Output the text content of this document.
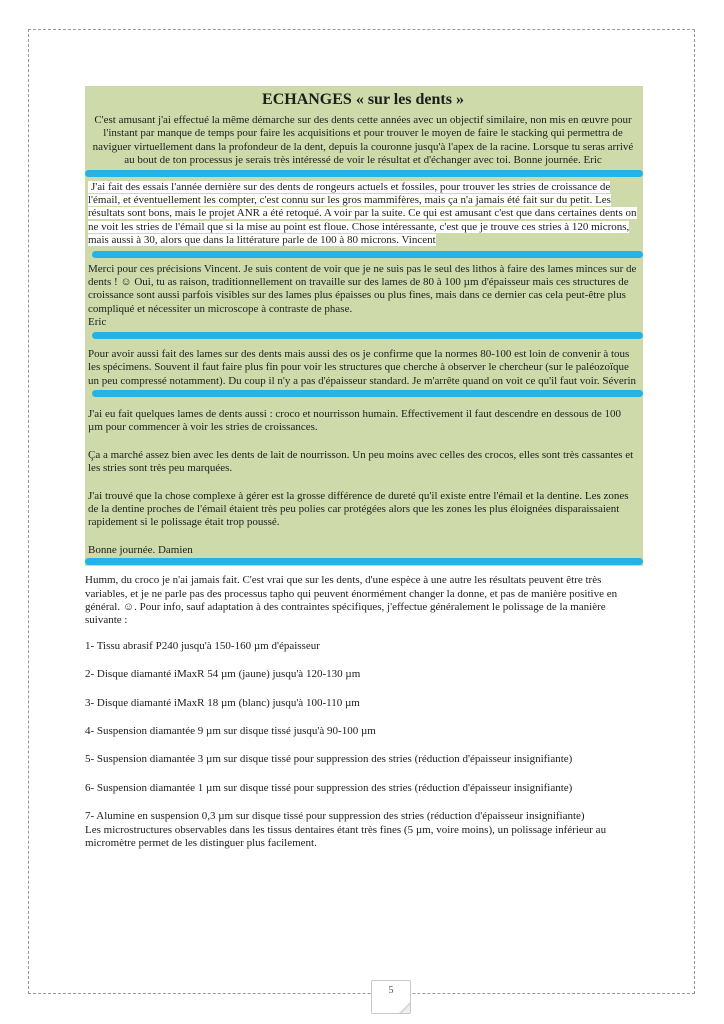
ECHANGES « sur les dents »

C'est amusant j'ai effectué la même démarche sur des dents cette années avec un objectif similaire, non mis en œuvre pour l'instant par manque de temps pour faire les acquisitions et pour trouver le moyen de faire le stacking qui permettra de naviguer virtuellement dans la profondeur de la dent, depuis la couronne jusqu'à l'apex de la racine. Lorsque tu seras arrivé au bout de ton processus je serais très intéressé de voir le résultat et d'échanger avec toi. Bonne journée. Eric

J'ai fait des essais l'année dernière sur des dents de rongeurs actuels et fossiles, pour trouver les stries de croissance de l'émail, et éventuellement les compter, c'est connu sur les gros mammifères, mais ça n'a jamais été fait sur du petit. Les résultats sont bons, mais le projet ANR a été retoqué. A voir par la suite. Ce qui est amusant c'est que dans certaines dents on ne voit les stries de l'émail que si la mise au point est floue. Chose intéressante, c'est que je trouve ces stries à 120 microns, mais aussi à 30, alors que dans la littérature parle de 100 à 80 microns. Vincent

Merci pour ces précisions Vincent. Je suis content de voir que je ne suis pas le seul des lithos à faire des lames minces sur de dents ! ☺ Oui, tu as raison, traditionnellement on travaille sur des lames de 80 à 100 µm d'épaisseur mais ces structures de croissance sont aussi parfois visibles sur des lames plus épaisses ou plus fines, mais dans ce dernier cas cela peut-être plus compliqué et nécessiter un microscope à contraste de phase.

Eric

Pour avoir aussi fait des lames sur des dents mais aussi des os je confirme que la normes 80-100 est loin de convenir à tous les spécimens. Souvent il faut faire plus fin pour voir les structures que cherche à observer le chercheur (sur le paléozoïque un peu compressé notamment). Du coup il n'y a pas d'épaisseur standard. Je m'arrête quand on voit ce qu'il faut voir. Séverin

J'ai eu fait quelques lames de dents aussi : croco et nourrisson humain. Effectivement il faut descendre en dessous de 100 µm pour commencer à voir les stries de croissances.

Ça a marché assez bien avec les dents de lait de nourrisson. Un peu moins avec celles des crocos, elles sont très cassantes et les stries sont très peu marquées.

J'ai trouvé que la chose complexe à gérer est la grosse différence de dureté qu'il existe entre l'émail et la dentine. Les zones de la dentine proches de l'émail étaient très peu polies car protégées alors que les zones les plus éloignées disparaissaient rapidement si le polissage était trop poussé.

Bonne journée. Damien

Humm, du croco je n'ai jamais fait. C'est vrai que sur les dents, d'une espèce à une autre les résultats peuvent être très variables, et je ne parle pas des processus tapho qui peuvent énormément changer la donne, et pas de manière positive en général. ☺. Pour info, sauf adaptation à des contraintes spécifiques, j'effectue généralement le polissage de la manière suivante :

1- Tissu abrasif P240 jusqu'à 150-160 µm d'épaisseur

2- Disque diamanté iMaxR 54 µm (jaune) jusqu'à 120-130 µm

3- Disque diamanté iMaxR 18 µm (blanc) jusqu'à 100-110 µm

4- Suspension diamantée 9 µm sur disque tissé jusqu'à 90-100 µm

5- Suspension diamantée 3 µm sur disque tissé pour suppression des stries (réduction d'épaisseur insignifiante)

6- Suspension diamantée 1 µm sur disque tissé pour suppression des stries (réduction d'épaisseur insignifiante)

7- Alumine en suspension 0,3 µm sur disque tissé pour suppression des stries (réduction d'épaisseur insignifiante)

Les microstructures observables dans les tissus dentaires étant très fines (5 µm, voire moins), un polissage inférieur au micromètre permet de les distinguer plus facilement.

5
